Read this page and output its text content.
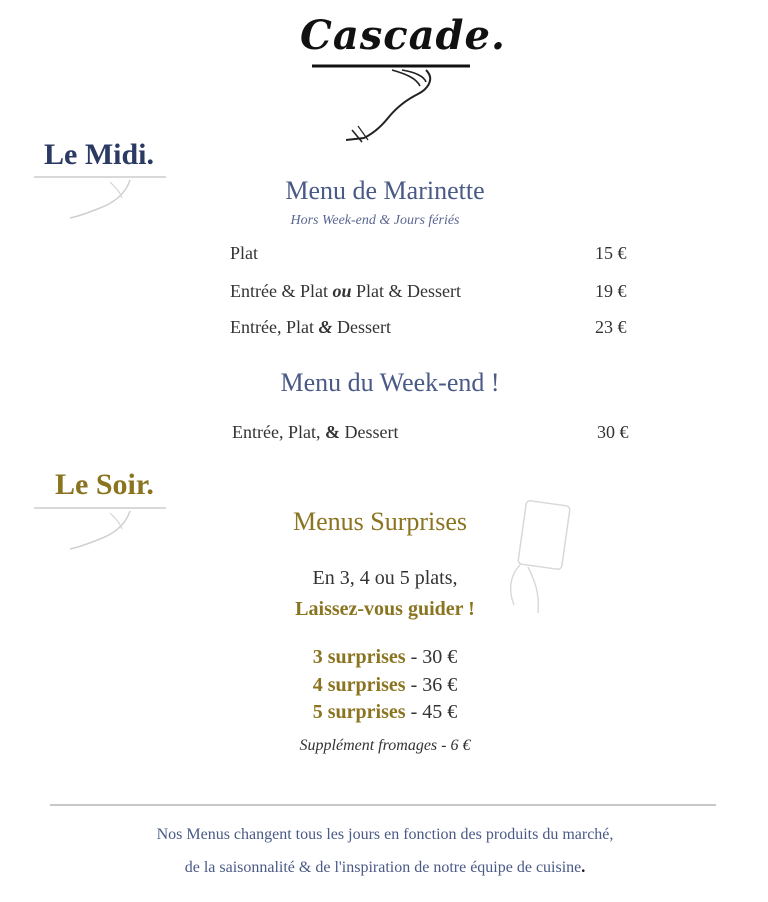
Cascade.
Le Midi.
Menu de Marinette
Hors Week-end & Jours fériés
Plat	15 €
Entrée & Plat ou Plat & Dessert	19 €
Entrée, Plat & Dessert	23 €
Menu du Week-end !
Entrée, Plat, & Dessert	30 €
Le Soir.
Menus Surprises
En 3, 4 ou 5 plats,
Laissez-vous guider !
3 surprises - 30 €
4 surprises - 36 €
5 surprises - 45 €
Supplément fromages - 6 €
Nos Menus changent tous les jours en fonction des produits du marché,
de la saisonnalité & de l'inspiration de notre équipe de cuisine.
